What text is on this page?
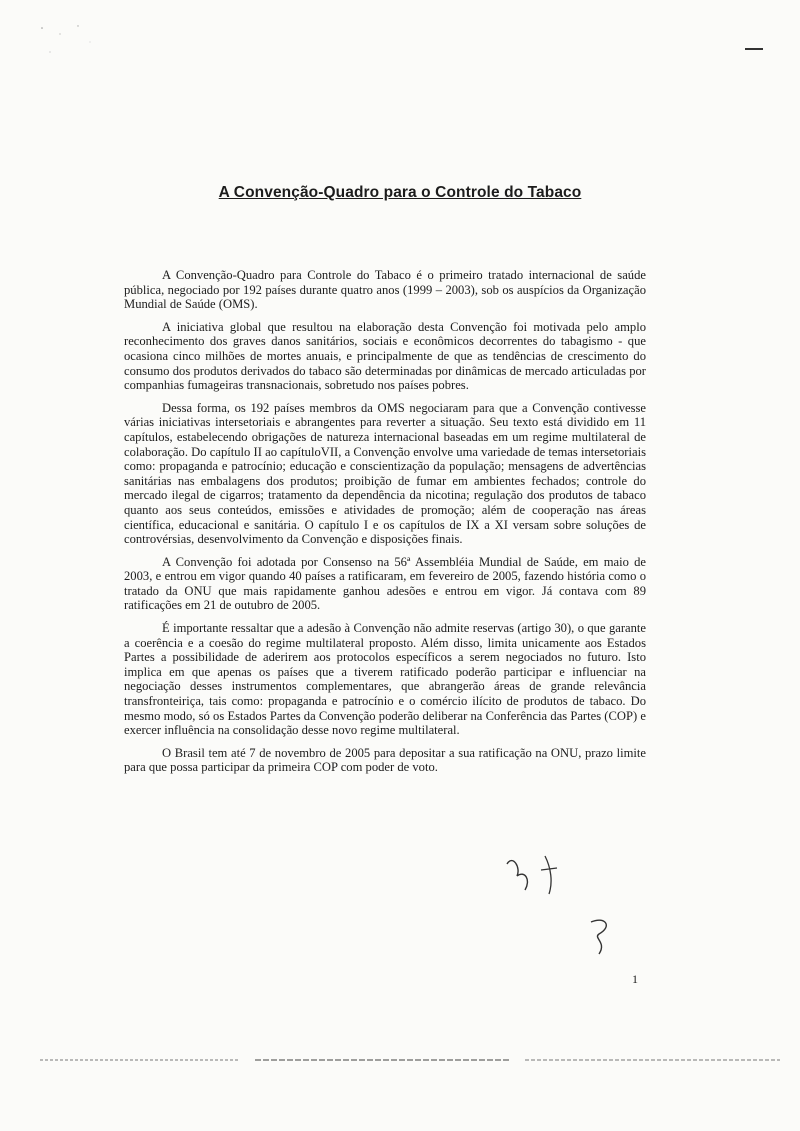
A Convenção-Quadro para o Controle do Tabaco

A Convenção-Quadro para Controle do Tabaco é o primeiro tratado internacional de saúde pública, negociado por 192 países durante quatro anos (1999 – 2003), sob os auspícios da Organização Mundial de Saúde (OMS).

A iniciativa global que resultou na elaboração desta Convenção foi motivada pelo amplo reconhecimento dos graves danos sanitários, sociais e econômicos decorrentes do tabagismo - que ocasiona cinco milhões de mortes anuais, e principalmente de que as tendências de crescimento do consumo dos produtos derivados do tabaco são determinadas por dinâmicas de mercado articuladas por companhias fumageiras transnacionais, sobretudo nos países pobres.

Dessa forma, os 192 países membros da OMS negociaram para que a Convenção contivesse várias iniciativas intersetoriais e abrangentes para reverter a situação. Seu texto está dividido em 11 capítulos, estabelecendo obrigações de natureza internacional baseadas em um regime multilateral de colaboração. Do capítulo II ao capítuloVII, a Convenção envolve uma variedade de temas intersetoriais como: propaganda e patrocínio; educação e conscientização da população; mensagens de advertências sanitárias nas embalagens dos produtos; proibição de fumar em ambientes fechados; controle do mercado ilegal de cigarros; tratamento da dependência da nicotina; regulação dos produtos de tabaco quanto aos seus conteúdos, emissões e atividades de promoção; além de cooperação nas áreas científica, educacional e sanitária. O capítulo I e os capítulos de IX a XI versam sobre soluções de controvérsias, desenvolvimento da Convenção e disposições finais.

A Convenção foi adotada por Consenso na 56ª Assembléia Mundial de Saúde, em maio de 2003, e entrou em vigor quando 40 países a ratificaram, em fevereiro de 2005, fazendo história como o tratado da ONU que mais rapidamente ganhou adesões e entrou em vigor. Já contava com 89 ratificações em 21 de outubro de 2005.

É importante ressaltar que a adesão à Convenção não admite reservas (artigo 30), o que garante a coerência e a coesão do regime multilateral proposto. Além disso, limita unicamente aos Estados Partes a possibilidade de aderirem aos protocolos específicos a serem negociados no futuro. Isto implica em que apenas os países que a tiverem ratificado poderão participar e influenciar na negociação desses instrumentos complementares, que abrangerão áreas de grande relevância transfronteiriça, tais como: propaganda e patrocínio e o comércio ilícito de produtos de tabaco. Do mesmo modo, só os Estados Partes da Convenção poderão deliberar na Conferência das Partes (COP) e exercer influência na consolidação desse novo regime multilateral.

O Brasil tem até 7 de novembro de 2005 para depositar a sua ratificação na ONU, prazo limite para que possa participar da primeira COP com poder de voto.

1
